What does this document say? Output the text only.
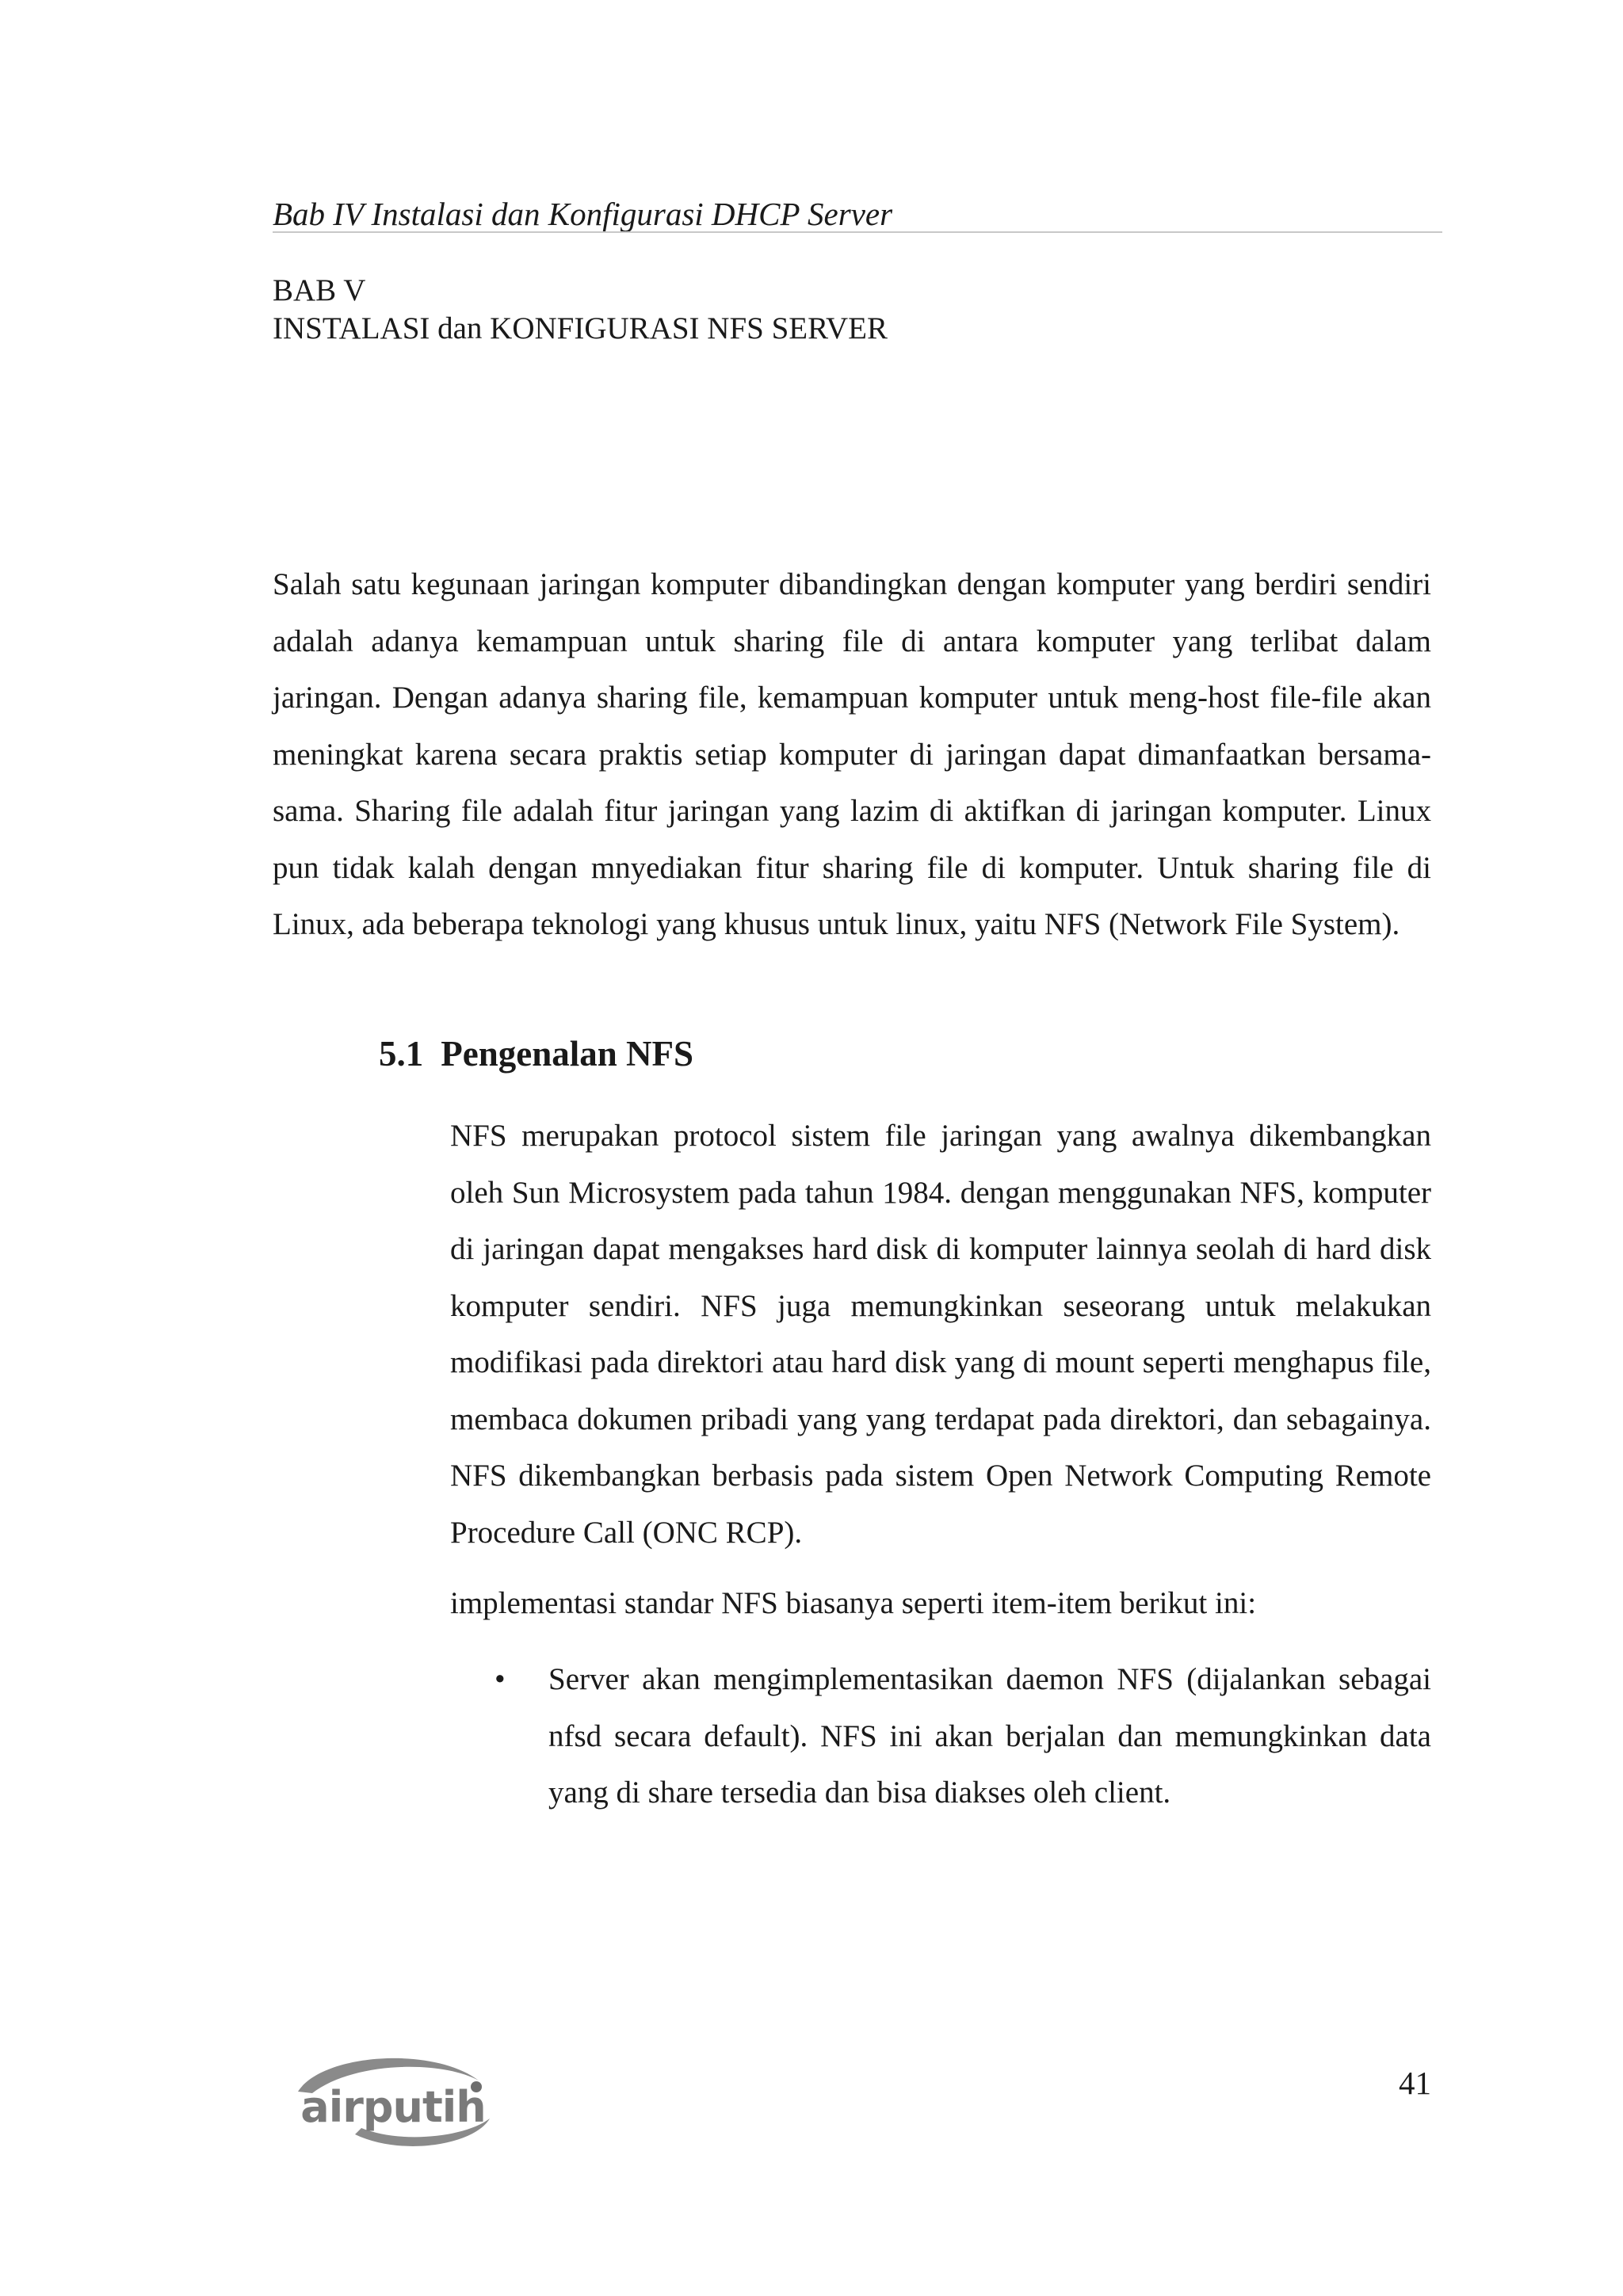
Bab IV Instalasi dan Konfigurasi DHCP Server
BAB V
INSTALASI dan KONFIGURASI NFS SERVER

Salah satu kegunaan jaringan komputer dibandingkan dengan komputer yang berdiri sendiri adalah adanya kemampuan untuk sharing file di antara komputer yang terlibat dalam jaringan. Dengan adanya sharing file, kemampuan komputer untuk meng-host file-file akan meningkat karena secara praktis setiap komputer di jaringan dapat dimanfaatkan bersama-sama. Sharing file adalah fitur jaringan yang lazim di aktifkan di jaringan komputer. Linux pun tidak kalah dengan mnyediakan fitur sharing file di komputer. Untuk sharing file di Linux, ada beberapa teknologi yang khusus untuk linux, yaitu NFS (Network File System).

5.1 Pengenalan NFS

NFS merupakan protocol sistem file jaringan yang awalnya dikembangkan oleh Sun Microsystem pada tahun 1984. dengan menggunakan NFS, komputer di jaringan dapat mengakses hard disk di komputer lainnya seolah di hard disk komputer sendiri. NFS juga memungkinkan seseorang untuk melakukan modifikasi pada direktori atau hard disk yang di mount seperti menghapus file, membaca dokumen pribadi yang yang terdapat pada direktori, dan sebagainya. NFS dikembangkan berbasis pada sistem Open Network Computing Remote Procedure Call (ONC RCP).

implementasi standar NFS biasanya seperti item-item berikut ini:

• Server akan mengimplementasikan daemon NFS (dijalankan sebagai nfsd secara default). NFS ini akan berjalan dan memungkinkan data yang di share tersedia dan bisa diakses oleh client.
41
airputih
